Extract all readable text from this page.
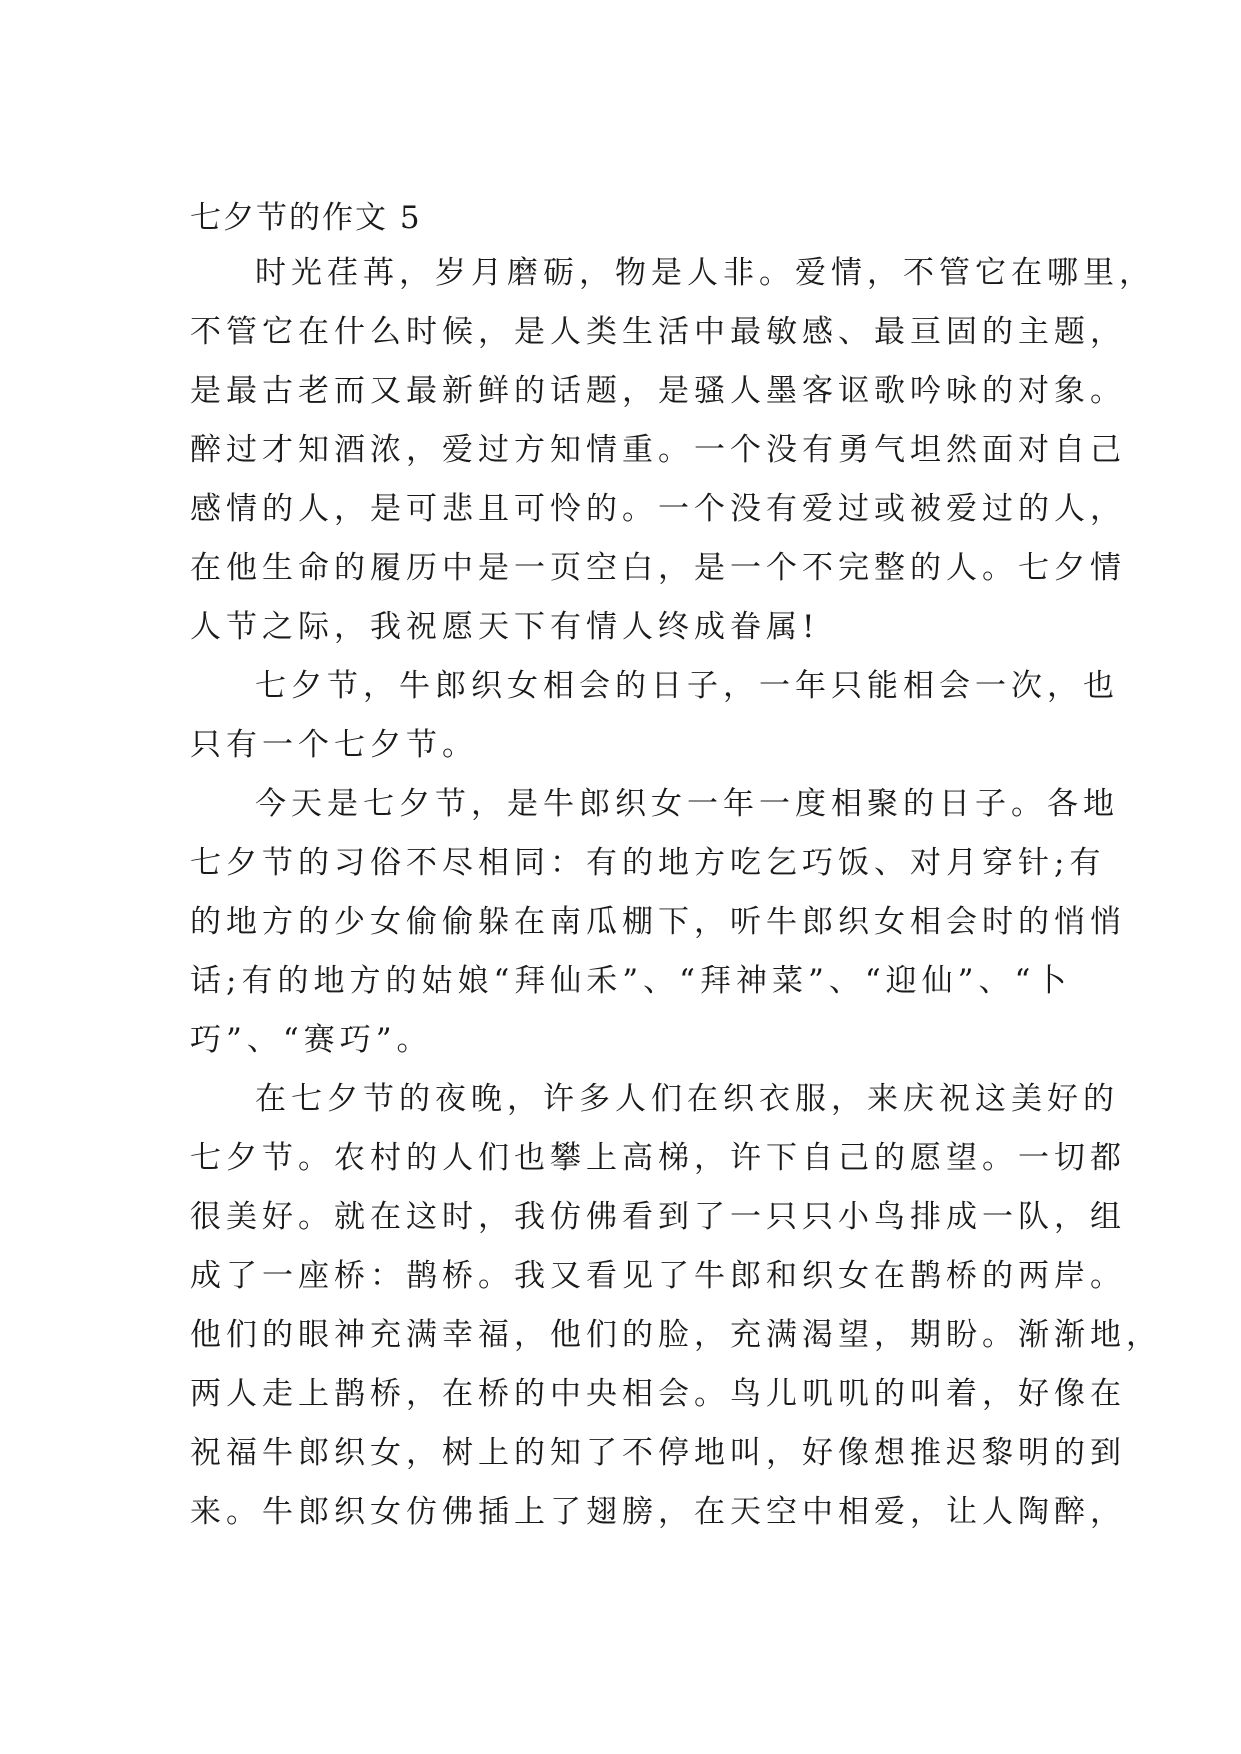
七夕节的作文 5
时光荏苒，岁月磨砺，物是人非。爱情，不管它在哪里，
不管它在什么时候，是人类生活中最敏感、最亘固的主题，
是最古老而又最新鲜的话题，是骚人墨客讴歌吟咏的对象。
醉过才知酒浓，爱过方知情重。一个没有勇气坦然面对自己
感情的人，是可悲且可怜的。一个没有爱过或被爱过的人，
在他生命的履历中是一页空白，是一个不完整的人。七夕情
人节之际，我祝愿天下有情人终成眷属!
七夕节，牛郎织女相会的日子，一年只能相会一次，也
只有一个七夕节。
今天是七夕节，是牛郎织女一年一度相聚的日子。各地
七夕节的习俗不尽相同：有的地方吃乞巧饭、对月穿针;有
的地方的少女偷偷躲在南瓜棚下，听牛郎织女相会时的悄悄
话;有的地方的姑娘“拜仙禾”、“拜神菜”、“迎仙”、“卜
巧”、“赛巧”。
在七夕节的夜晚，许多人们在织衣服，来庆祝这美好的
七夕节。农村的人们也攀上高梯，许下自己的愿望。一切都
很美好。就在这时，我仿佛看到了一只只小鸟排成一队，组
成了一座桥：鹊桥。我又看见了牛郎和织女在鹊桥的两岸。
他们的眼神充满幸福，他们的脸，充满渴望，期盼。渐渐地，
两人走上鹊桥，在桥的中央相会。鸟儿叽叽的叫着，好像在
祝福牛郎织女，树上的知了不停地叫，好像想推迟黎明的到
来。牛郎织女仿佛插上了翅膀，在天空中相爱，让人陶醉，
